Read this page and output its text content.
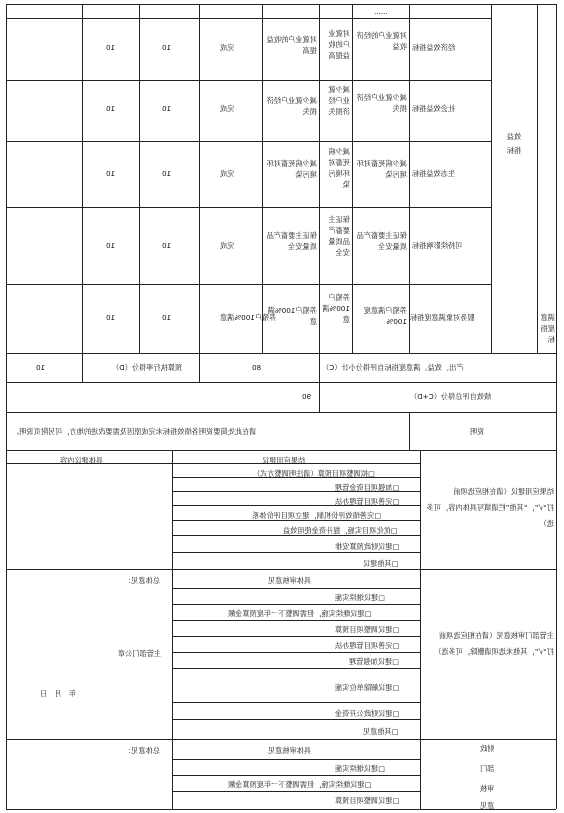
......
效益指标
经济效益指标
对就业户的经济收益
对就业户的收益提高
对就业户的收益提高
完成
10
10
社会效益指标
减少就业户经济损失
减少就业户经济损失
减少就业户经济损失
完成
10
10
生态效益指标
减少病死畜对环境污染
减少病死畜对环境污染
减少病死畜对环境污染
完成
10
10
可持续影响指标
保证主要畜产品质量安全
保证主要畜产品质量安全
保证主要畜产品质量安全
完成
10
10
满意度指标
服务对象满意度指标
养殖户满意度100%
养殖户100%满意
养殖户100%满意
养殖户100%满意
10
10
产出、效益、满意度指标自评得分小计（C）
80
预算执行率得分（D）
10
绩效自评总得分（C+D）
90
说明
请在此处简要说明各绩效指标未完成原因及需要改进的地方，可另附页说明。
结果应用建议
具体建议内容
结果应用建议（请在相应选项前打“√”，“其他”栏请填写具体内容，可多选）
□拟调整项目预算（请注明调整方式）
□加强项目资金管理
□完善项目管理办法
□完善绩效评价机制，建立项目评价体系
□优化项目实施，提升资金使用效益
□建议财政预算安排
□其他建议
具体审核意见
总体意见：
主管部门审核意见（请在相应选项前打“√”，其他未选项请删除，可多选）
主管部门公章
年　月　日
□建议继续实施
□建议继续实施，但需调整下一年度预算金额
□建议调整项目预算
□完善项目管理办法
□建议加强管理
□建议解除单位实施
□建议财政公开资金
□其他意见
具体审核意见
总体意见：	财政
部门
审核
意见
□建议继续实施
□建议继续实施，但需调整下一年度预算金额
□建议调整项目预算
